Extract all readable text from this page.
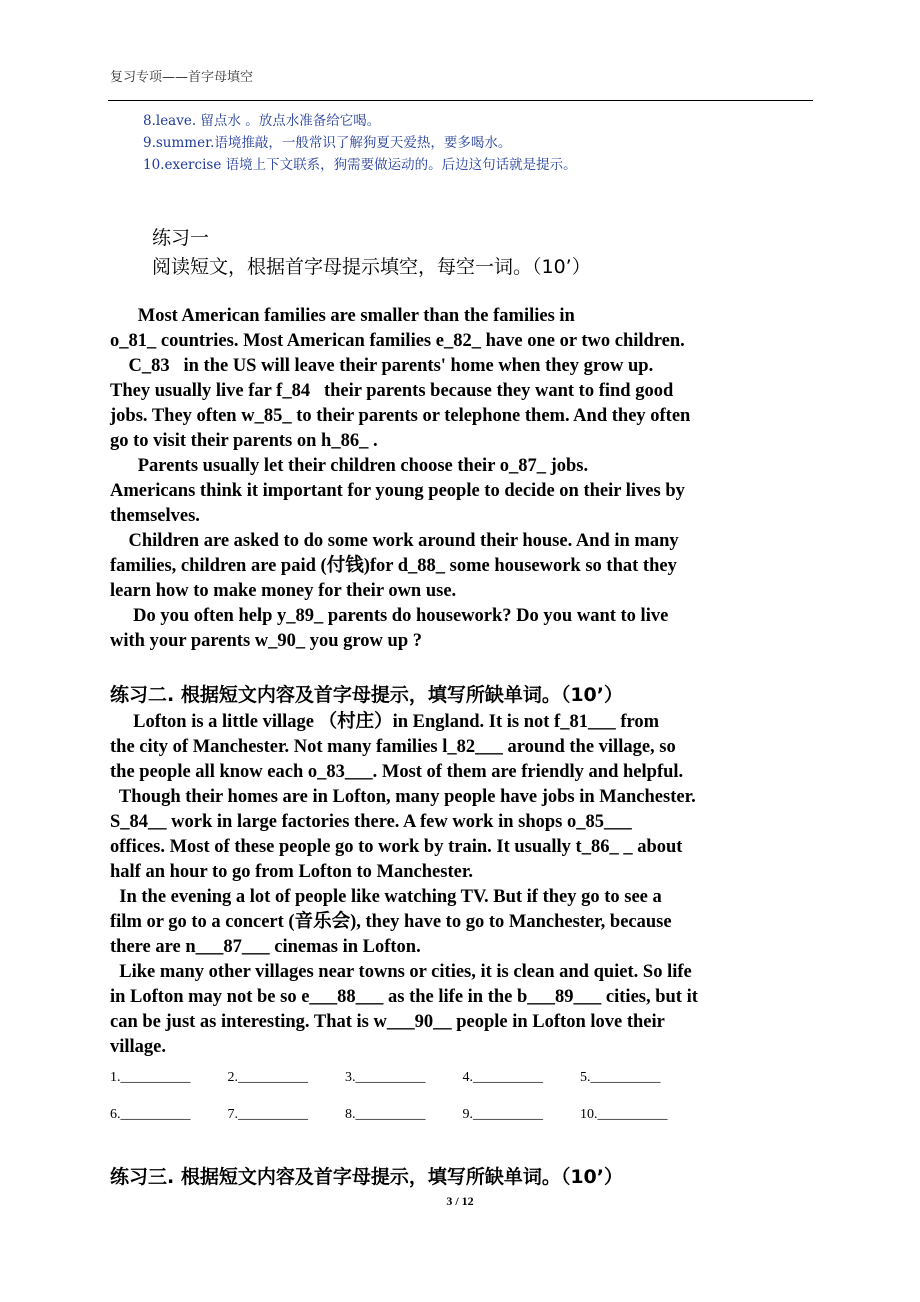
复习专项——首字母填空
8.leave. 留点水 。放点水准备给它喝。
9.summer.语境推敲，一般常识了解狗夏天爱热，要多喝水。
10.exercise 语境上下文联系，狗需要做运动的。后边这句话就是提示。
练习一
阅读短文，根据首字母提示填空，每空一词。（10’）
Most American families are smaller than the families in
o_81_ countries. Most American families e_82_ have one or two children.
C_83   in the US will leave their parents' home when they grow up.
They usually live far f_84   their parents because they want to find good
jobs. They often w_85_ to their parents or telephone them. And they often
go to visit their parents on h_86_ .
Parents usually let their children choose their o_87_ jobs.
Americans think it important for young people to decide on their lives by
themselves.
Children are asked to do some work around their house. And in many
families, children are paid (付钱)for d_88_ some housework so that they
learn how to make money for their own use.
Do you often help y_89_ parents do housework? Do you want to live
with your parents w_90_ you grow up ?
练习二. 根据短文内容及首字母提示，填写所缺单词。（10’）
Lofton is a little village （村庄）in England. It is not f_81___ from
the city of Manchester. Not many families l_82___ around the village, so
the people all know each o_83___. Most of them are friendly and helpful.
Though their homes are in Lofton, many people have jobs in Manchester.
S_84__ work in large factories there. A few work in shops o_85___
offices. Most of these people go to work by train. It usually t_86_ _ about
half an hour to go from Lofton to Manchester.
In the evening a lot of people like watching TV. But if they go to see a
film or go to a concert (音乐会), they have to go to Manchester, because
there are n___87___ cinemas in Lofton.
Like many other villages near towns or cities, it is clean and quiet. So life
in Lofton may not be so e___88___ as the life in the b___89___ cities, but it
can be just as interesting. That is w___90__ people in Lofton love their
village.
1.__________	2.__________	3.__________	4.__________	5.__________
6.__________	7.__________	8.__________	9.__________	10.__________
练习三. 根据短文内容及首字母提示，填写所缺单词。（10’）
3 / 12
